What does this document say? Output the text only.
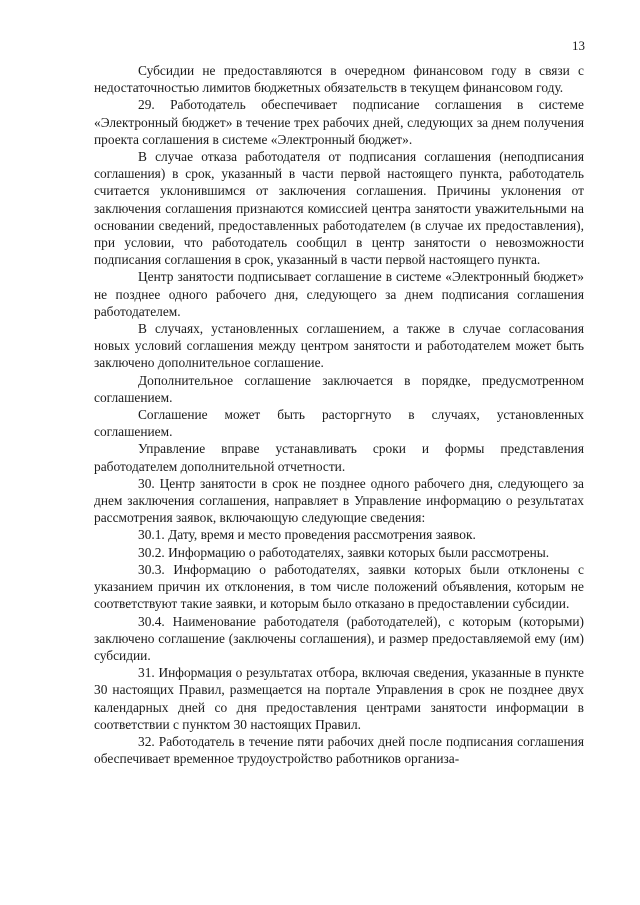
13

Субсидии не предоставляются в очередном финансовом году в связи с недостаточностью лимитов бюджетных обязательств в текущем финансовом году.

29. Работодатель обеспечивает подписание соглашения в системе «Электронный бюджет» в течение трех рабочих дней, следующих за днем получения проекта соглашения в системе «Электронный бюджет».

В случае отказа работодателя от подписания соглашения (неподписания соглашения) в срок, указанный в части первой настоящего пункта, работодатель считается уклонившимся от заключения соглашения. Причины уклонения от заключения соглашения признаются комиссией центра занятости уважительными на основании сведений, предоставленных работодателем (в случае их предоставления), при условии, что работодатель сообщил в центр занятости о невозможности подписания соглашения в срок, указанный в части первой настоящего пункта.

Центр занятости подписывает соглашение в системе «Электронный бюджет» не позднее одного рабочего дня, следующего за днем подписания соглашения работодателем.

В случаях, установленных соглашением, а также в случае согласования новых условий соглашения между центром занятости и работодателем может быть заключено дополнительное соглашение.

Дополнительное соглашение заключается в порядке, предусмотренном соглашением.

Соглашение может быть расторгнуто в случаях, установленных соглашением.

Управление вправе устанавливать сроки и формы представления работодателем дополнительной отчетности.

30. Центр занятости в срок не позднее одного рабочего дня, следующего за днем заключения соглашения, направляет в Управление информацию о результатах рассмотрения заявок, включающую следующие сведения:

30.1. Дату, время и место проведения рассмотрения заявок.

30.2. Информацию о работодателях, заявки которых были рассмотрены.

30.3. Информацию о работодателях, заявки которых были отклонены с указанием причин их отклонения, в том числе положений объявления, которым не соответствуют такие заявки, и которым было отказано в предоставлении субсидии.

30.4. Наименование работодателя (работодателей), с которым (которыми) заключено соглашение (заключены соглашения), и размер предоставляемой ему (им) субсидии.

31. Информация о результатах отбора, включая сведения, указанные в пункте 30 настоящих Правил, размещается на портале Управления в срок не позднее двух календарных дней со дня предоставления центрами занятости информации в соответствии с пунктом 30 настоящих Правил.

32. Работодатель в течение пяти рабочих дней после подписания соглашения обеспечивает временное трудоустройство работников организа-
